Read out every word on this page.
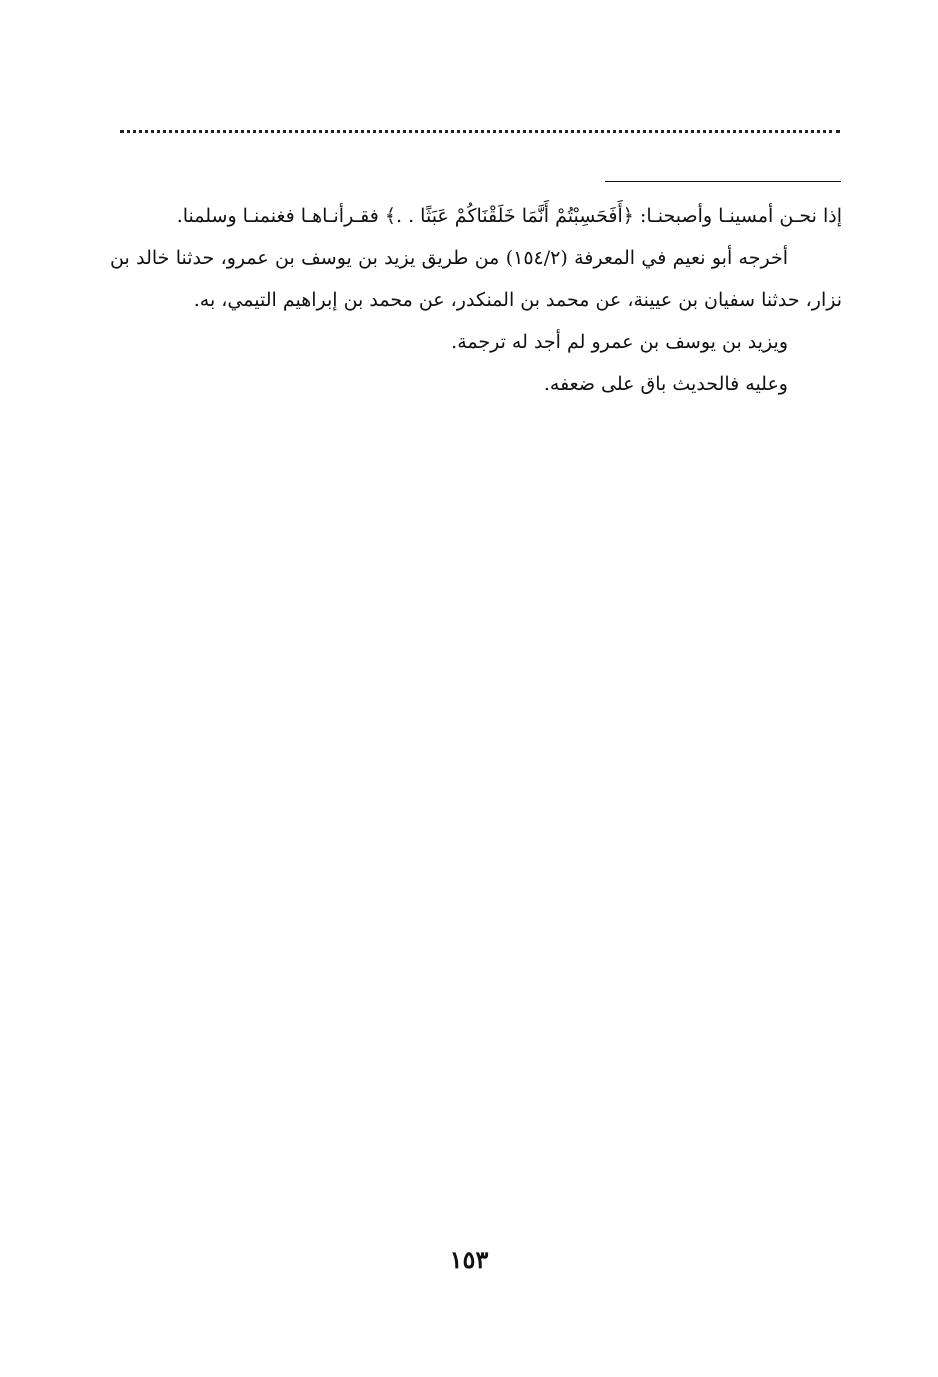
إذا نحـن أمسينـا وأصبحنـا: ﴿أَفَحَسِبْتُمْ أَنَّمَا خَلَقْنَاكُمْ عَبَثًا . .﴾ فقـرأنـاهـا فغنمنـا وسلمنا.

أخرجه أبو نعيم في المعرفة (١٥٤/٢) من طريق يزيد بن يوسف بن عمرو، حدثنا خالد بن نزار، حدثنا سفيان بن عيينة، عن محمد بن المنكدر، عن محمد بن إبراهيم التيمي، به.

ويزيد بن يوسف بن عمرو لم أجد له ترجمة.

وعليه فالحديث باق على ضعفه.

١٥٣
